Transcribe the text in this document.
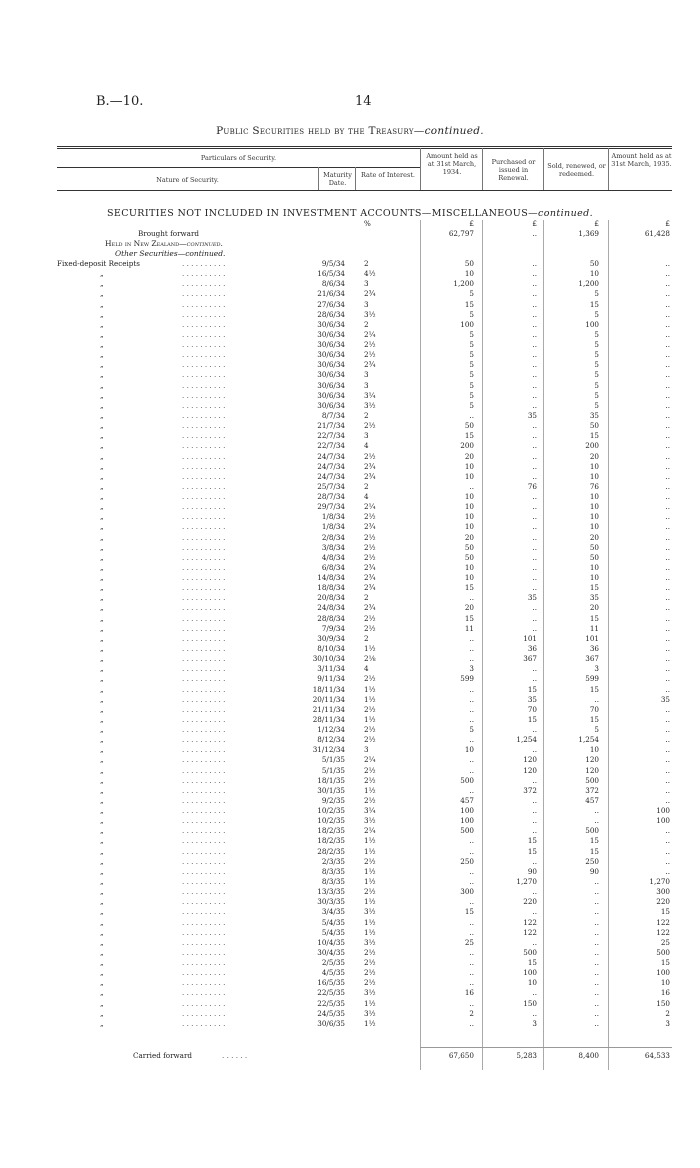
B.—10.	14
Public Securities held by the Treasury—continued.
Particulars of Security.
Nature of Security.
Maturity Date.
Rate of Interest.
Amount held as at 31st March, 1934.
Purchased or issued in Renewal.
Sold, renewed, or redeemed.
Amount held as at 31st March, 1935.
SECURITIES NOT INCLUDED IN INVESTMENT ACCOUNTS—MISCELLANEOUS—continued.
%	£	£	£	£
Brought forward	62,797	..	1,369	61,428
Held in New Zealand—continued.
Other Securities—continued.
Fixed-deposit Receipts	. . . . . . . . . .	9/5/34	2	50	..	50	..
„	. . . . . . . . . .	16/5/34	4½	10	..	10	..
„	. . . . . . . . . .	8/6/34	3	1,200	..	1,200	..
„	. . . . . . . . . .	21/6/34	2¾	5	..	5	..
„	. . . . . . . . . .	27/6/34	3	15	..	15	..
„	. . . . . . . . . .	28/6/34	3½	5	..	5	..
„	. . . . . . . . . .	30/6/34	2	100	..	100	..
„	. . . . . . . . . .	30/6/34	2¼	5	..	5	..
„	. . . . . . . . . .	30/6/34	2½	5	..	5	..
„	. . . . . . . . . .	30/6/34	2½	5	..	5	..
„	. . . . . . . . . .	30/6/34	2¾	5	..	5	..
„	. . . . . . . . . .	30/6/34	3	5	..	5	..
„	. . . . . . . . . .	30/6/34	3	5	..	5	..
„	. . . . . . . . . .	30/6/34	3¼	5	..	5	..
„	. . . . . . . . . .	30/6/34	3½	5	..	5	..
„	. . . . . . . . . .	8/7/34	2	..	35	35	..
„	. . . . . . . . . .	21/7/34	2½	50	..	50	..
„	. . . . . . . . . .	22/7/34	3	15	..	15	..
„	. . . . . . . . . .	22/7/34	4	200	..	200	..
„	. . . . . . . . . .	24/7/34	2½	20	..	20	..
„	. . . . . . . . . .	24/7/34	2¾	10	..	10	..
„	. . . . . . . . . .	24/7/34	2¾	10	..	10	..
„	. . . . . . . . . .	25/7/34	2	..	76	76	..
„	. . . . . . . . . .	28/7/34	4	10	..	10	..
„	. . . . . . . . . .	29/7/34	2¼	10	..	10	..
„	. . . . . . . . . .	1/8/34	2½	10	..	10	..
„	. . . . . . . . . .	1/8/34	2¾	10	..	10	..
„	. . . . . . . . . .	2/8/34	2½	20	..	20	..
„	. . . . . . . . . .	3/8/34	2½	50	..	50	..
„	. . . . . . . . . .	4/8/34	2½	50	..	50	..
„	. . . . . . . . . .	6/8/34	2¾	10	..	10	..
„	. . . . . . . . . .	14/8/34	2¾	10	..	10	..
„	. . . . . . . . . .	18/8/34	2¾	15	..	15	..
„	. . . . . . . . . .	20/8/34	2	..	35	35	..
„	. . . . . . . . . .	24/8/34	2¾	20	..	20	..
„	. . . . . . . . . .	28/8/34	2½	15	..	15	..
„	. . . . . . . . . .	7/9/34	2½	11	..	11	..
„	. . . . . . . . . .	30/9/34	2	..	101	101	..
„	. . . . . . . . . .	8/10/34	1½	..	36	36	..
„	. . . . . . . . . .	30/10/34	2⅛	..	367	367	..
„	. . . . . . . . . .	3/11/34	4	3	..	3	..
„	. . . . . . . . . .	9/11/34	2½	599	..	599	..
„	. . . . . . . . . .	18/11/34	1½	..	15	15	..
„	. . . . . . . . . .	20/11/34	1½	..	35	..	35
„	. . . . . . . . . .	21/11/34	2½	..	70	70	..
„	. . . . . . . . . .	28/11/34	1½	..	15	15	..
„	. . . . . . . . . .	1/12/34	2½	5	..	5	..
„	. . . . . . . . . .	8/12/34	2½	..	1,254	1,254	..
„	. . . . . . . . . .	31/12/34	3	10	..	10	..
„	. . . . . . . . . .	5/1/35	2¼	..	120	120	..
„	. . . . . . . . . .	5/1/35	2½	..	120	120	..
„	. . . . . . . . . .	18/1/35	2½	500	..	500	..
„	. . . . . . . . . .	30/1/35	1½	..	372	372	..
„	. . . . . . . . . .	9/2/35	2½	457	..	457	..
„	. . . . . . . . . .	10/2/35	3¼	100	..	..	100
„	. . . . . . . . . .	10/2/35	3½	100	..	..	100
„	. . . . . . . . . .	18/2/35	2¼	500	..	500	..
„	. . . . . . . . . .	18/2/35	1½	..	15	15	..
„	. . . . . . . . . .	28/2/35	1½	..	15	15	..
„	. . . . . . . . . .	2/3/35	2½	250	..	250	..
„	. . . . . . . . . .	8/3/35	1½	..	90	90	..
„	. . . . . . . . . .	8/3/35	1½	..	1,270	..	1,270
„	. . . . . . . . . .	13/3/35	2½	300	..	..	300
„	. . . . . . . . . .	30/3/35	1½	..	220	..	220
„	. . . . . . . . . .	3/4/35	3½	15	..	..	15
„	. . . . . . . . . .	5/4/35	1½	..	122	..	122
„	. . . . . . . . . .	5/4/35	1½	..	122	..	122
„	. . . . . . . . . .	10/4/35	3½	25	..	..	25
„	. . . . . . . . . .	30/4/35	2½	..	500	..	500
„	. . . . . . . . . .	2/5/35	2½	..	15	..	15
„	. . . . . . . . . .	4/5/35	2½	..	100	..	100
„	. . . . . . . . . .	16/5/35	2½	..	10	..	10
„	. . . . . . . . . .	22/5/35	3½	16	..	..	16
„	. . . . . . . . . .	22/5/35	1½	..	150	..	150
„	. . . . . . . . . .	24/5/35	3½	2	..	..	2
„	. . . . . . . . . .	30/6/35	1½	..	3	..	3
Carried forward	. . . . . .	67,650	5,283	8,400	64,533
